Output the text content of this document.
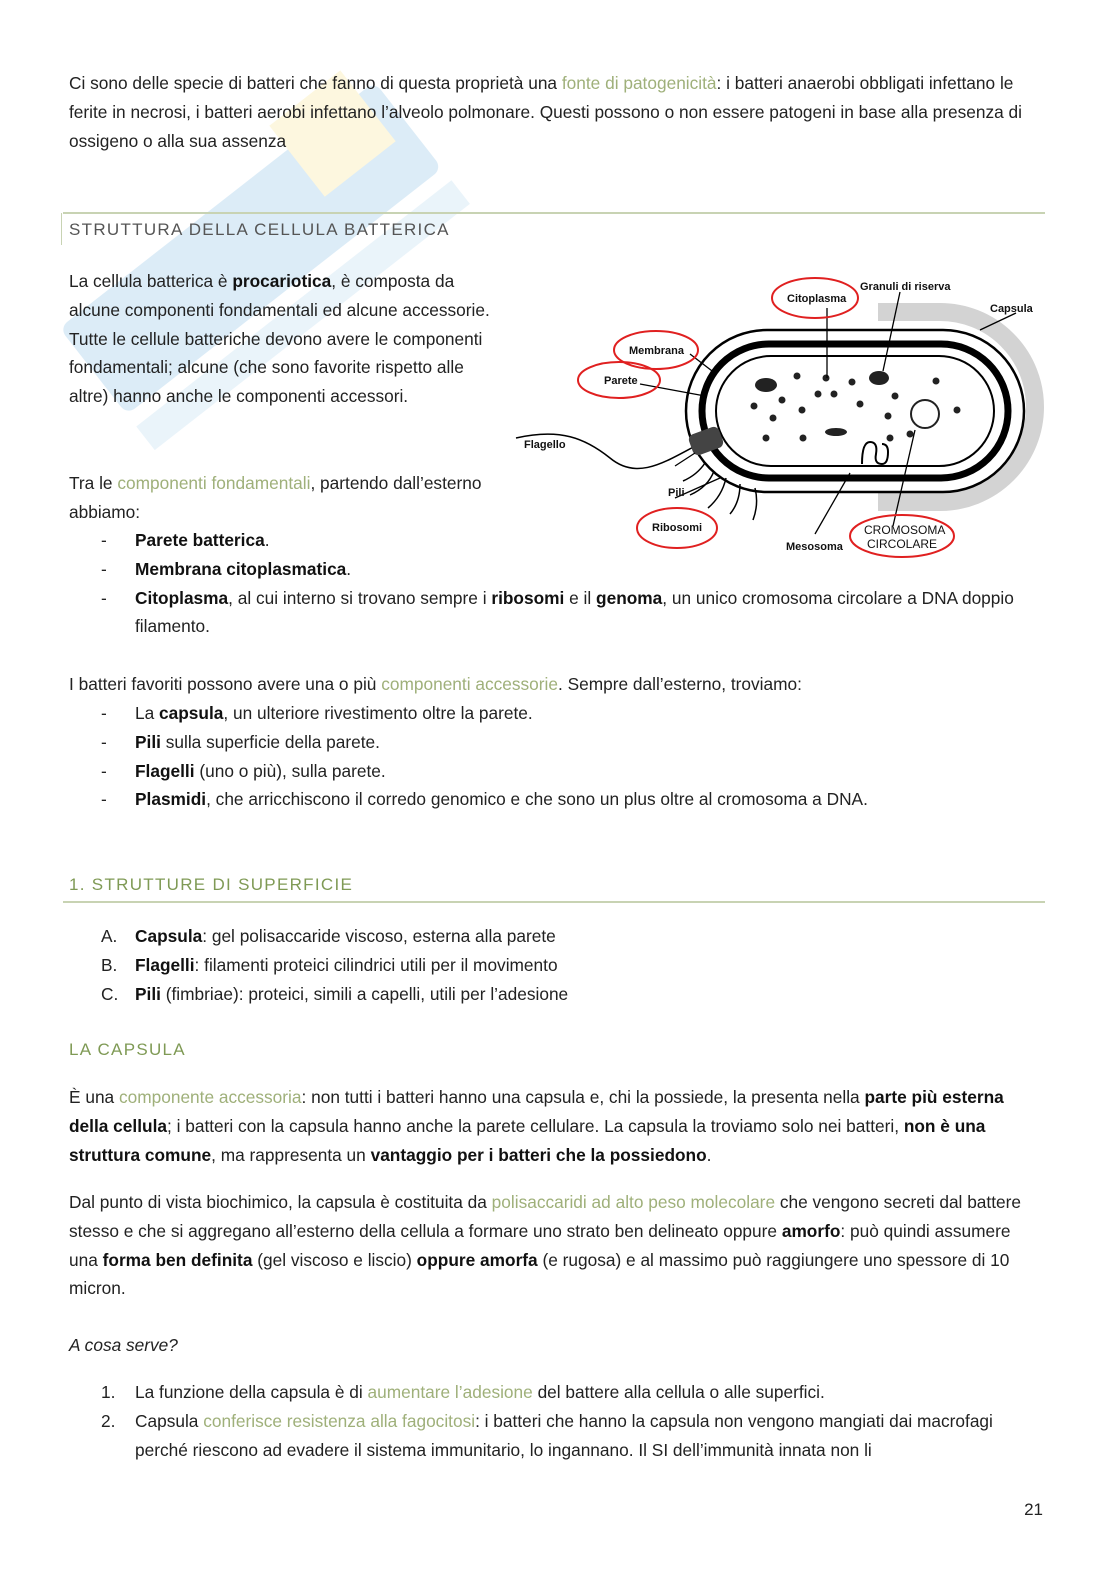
Ci sono delle specie di batteri che fanno di questa proprietà una fonte di patogenicità: i batteri anaerobi obbligati infettano le ferite in necrosi, i batteri aerobi infettano l’alveolo polmonare. Questi possono o non essere patogeni in base alla presenza di ossigeno o alla sua assenza

STRUTTURA DELLA CELLULA BATTERICA

La cellula batterica è procariotica, è composta da alcune componenti fondamentali ed alcune accessorie. Tutte le cellule batteriche devono avere le componenti fondamentali; alcune (che sono favorite rispetto alle altre) hanno anche le componenti accessori.

Tra le componenti fondamentali, partendo dall’esterno abbiamo:

Citoplasma
Granuli di riserva
Capsula
Membrana
Parete
Flagello
Pili
Ribosomi
Mesosoma
CROMOSOMA
CIRCOLARE
- Parete batterica.
- Membrana citoplasmatica.
- Citoplasma, al cui interno si trovano sempre i ribosomi e il genoma, un unico cromosoma circolare a DNA doppio filamento.

I batteri favoriti possono avere una o più componenti accessorie. Sempre dall’esterno, troviamo:

- La capsula, un ulteriore rivestimento oltre la parete.
- Pili sulla superficie della parete.
- Flagelli (uno o più), sulla parete.
- Plasmidi, che arricchiscono il corredo genomico e che sono un plus oltre al cromosoma a DNA.
1. STRUTTURE DI SUPERFICIE
A. Capsula: gel polisaccaride viscoso, esterna alla parete
B. Flagelli: filamenti proteici cilindrici utili per il movimento
C. Pili (fimbriae): proteici, simili a capelli, utili per l’adesione
LA CAPSULA

È una componente accessoria: non tutti i batteri hanno una capsula e, chi la possiede, la presenta nella parte più esterna della cellula; i batteri con la capsula hanno anche la parete cellulare. La capsula la troviamo solo nei batteri, non è una struttura comune, ma rappresenta un vantaggio per i batteri che la possiedono.

Dal punto di vista biochimico, la capsula è costituita da polisaccaridi ad alto peso molecolare che vengono secreti dal battere stesso e che si aggregano all’esterno della cellula a formare uno strato ben delineato oppure amorfo: può quindi assumere una forma ben definita (gel viscoso e liscio) oppure amorfa (e rugosa) e al massimo può raggiungere uno spessore di 10 micron.

A cosa serve?

1. La funzione della capsula è di aumentare l’adesione del battere alla cellula o alle superfici.
2. Capsula conferisce resistenza alla fagocitosi: i batteri che hanno la capsula non vengono mangiati dai macrofagi perché riescono ad evadere il sistema immunitario, lo ingannano. Il SI dell’immunità innata non li
21
